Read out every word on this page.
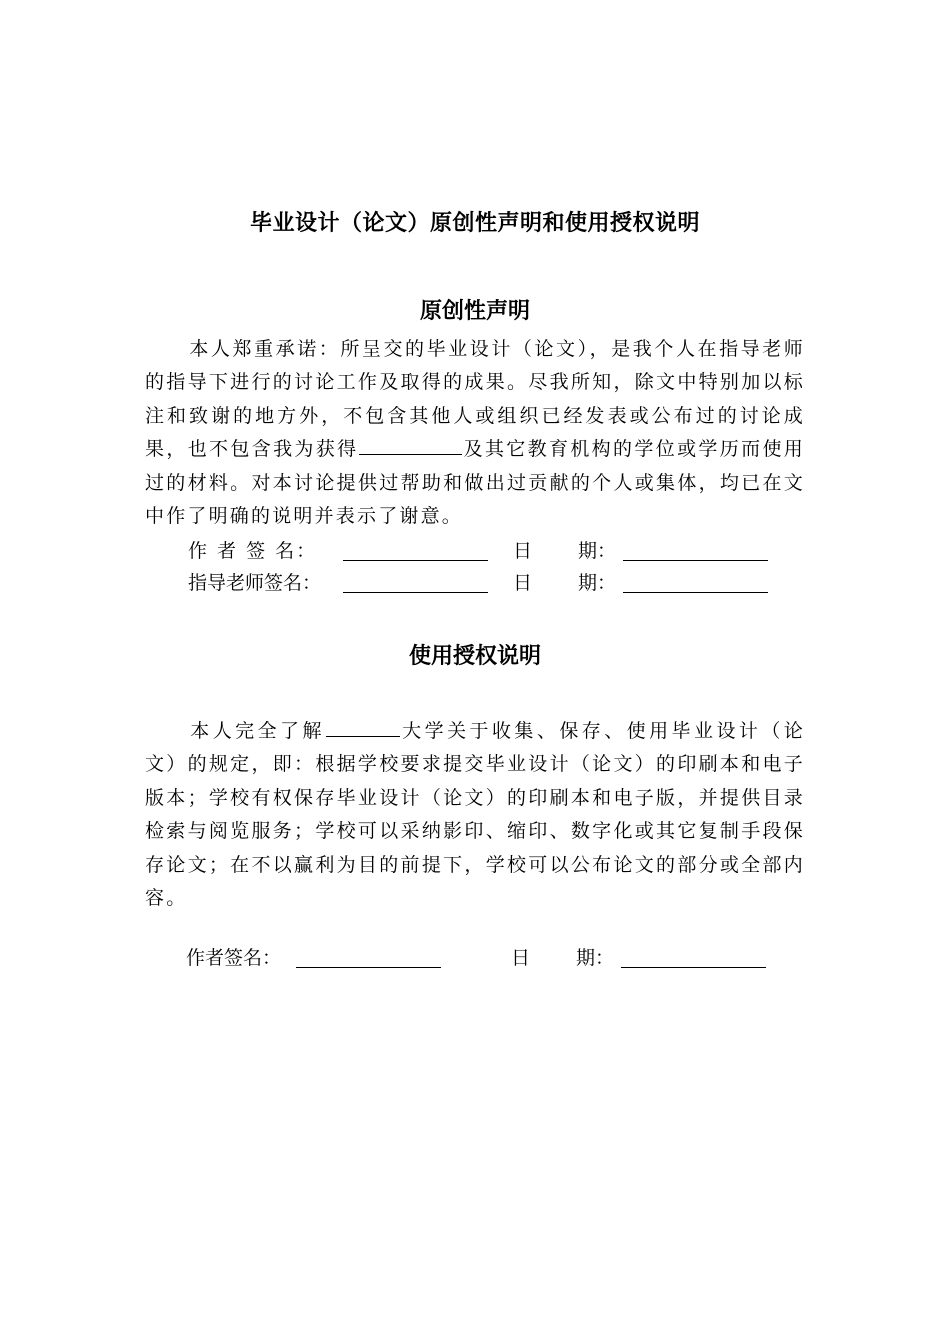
毕业设计（论文）原创性声明和使用授权说明
原创性声明
本人郑重承诺：所呈交的毕业设计（论文），是我个人在指导老师的指导下进行的讨论工作及取得的成果。尽我所知，除文中特别加以标注和致谢的地方外，不包含其他人或组织已经发表或公布过的讨论成果，也不包含我为获得	及其它教育机构的学位或学历而使用过的材料。对本讨论提供过帮助和做出过贡献的个人或集体，均已在文中作了明确的说明并表示了谢意。
作 者 签 名：	日 期：
指导老师签名：	日 期：
使用授权说明
本人完全了解	大学关于收集、保存、使用毕业设计（论文）的规定，即：根据学校要求提交毕业设计（论文）的印刷本和电子版本；学校有权保存毕业设计（论文）的印刷本和电子版，并提供目录检索与阅览服务；学校可以采纳影印、缩印、数字化或其它复制手段保存论文；在不以赢利为目的前提下，学校可以公布论文的部分或全部内容。
作者签名：	日 期：
